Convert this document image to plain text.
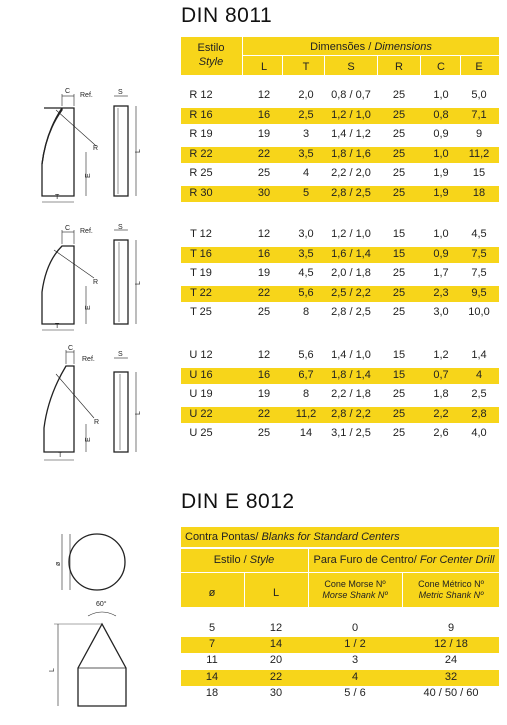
DIN 8011
Estilo
Style
Dimensões / Dimensions
L	T	S	R	C	E
R 12	12	2,0	0,8 / 0,7	25	1,0	5,0
R 16	16	2,5	1,2 / 1,0	25	0,8	7,1
R 19	19	3	1,4 / 1,2	25	0,9	9
R 22	22	3,5	1,8 / 1,6	25	1,0	11,2
R 25	25	4	2,2 / 2,0	25	1,9	15
R 30	30	5	2,8 / 2,5	25	1,9	18
T 12	12	3,0	1,2 / 1,0	15	1,0	4,5
T 16	16	3,5	1,6 / 1,4	15	0,9	7,5
T 19	19	4,5	2,0 / 1,8	25	1,7	7,5
T 22	22	5,6	2,5 / 2,2	25	2,3	9,5
T 25	25	8	2,8 / 2,5	25	3,0	10,0
U 12	12	5,6	1,4 / 1,0	15	1,2	1,4
U 16	16	6,7	1,8 / 1,4	15	0,7	4
U 19	19	8	2,2 / 1,8	25	1,8	2,5
U 22	22	11,2	2,8 / 2,2	25	2,2	2,8
U 25	25	14	3,1 / 2,5	25	2,6	4,0
C
Ref.
R
E
T
S
L
C Ref.
R
E
T
S
L
C
Ref.
R
E
T
S
L
DIN E 8012
Contra Pontas/ Blanks for Standard Centers
Estilo / Style	Para Furo de Centro/ For Center Drill
ø	L
Cone Morse Nº
Morse Shank Nº
Cone Métrico Nº
Metric Shank Nº
5	12	0	9
7	14	1 / 2	12 / 18
11	20	3	24
14	22	4	32
18	30	5 / 6	40 / 50 / 60
ø
60°
L
